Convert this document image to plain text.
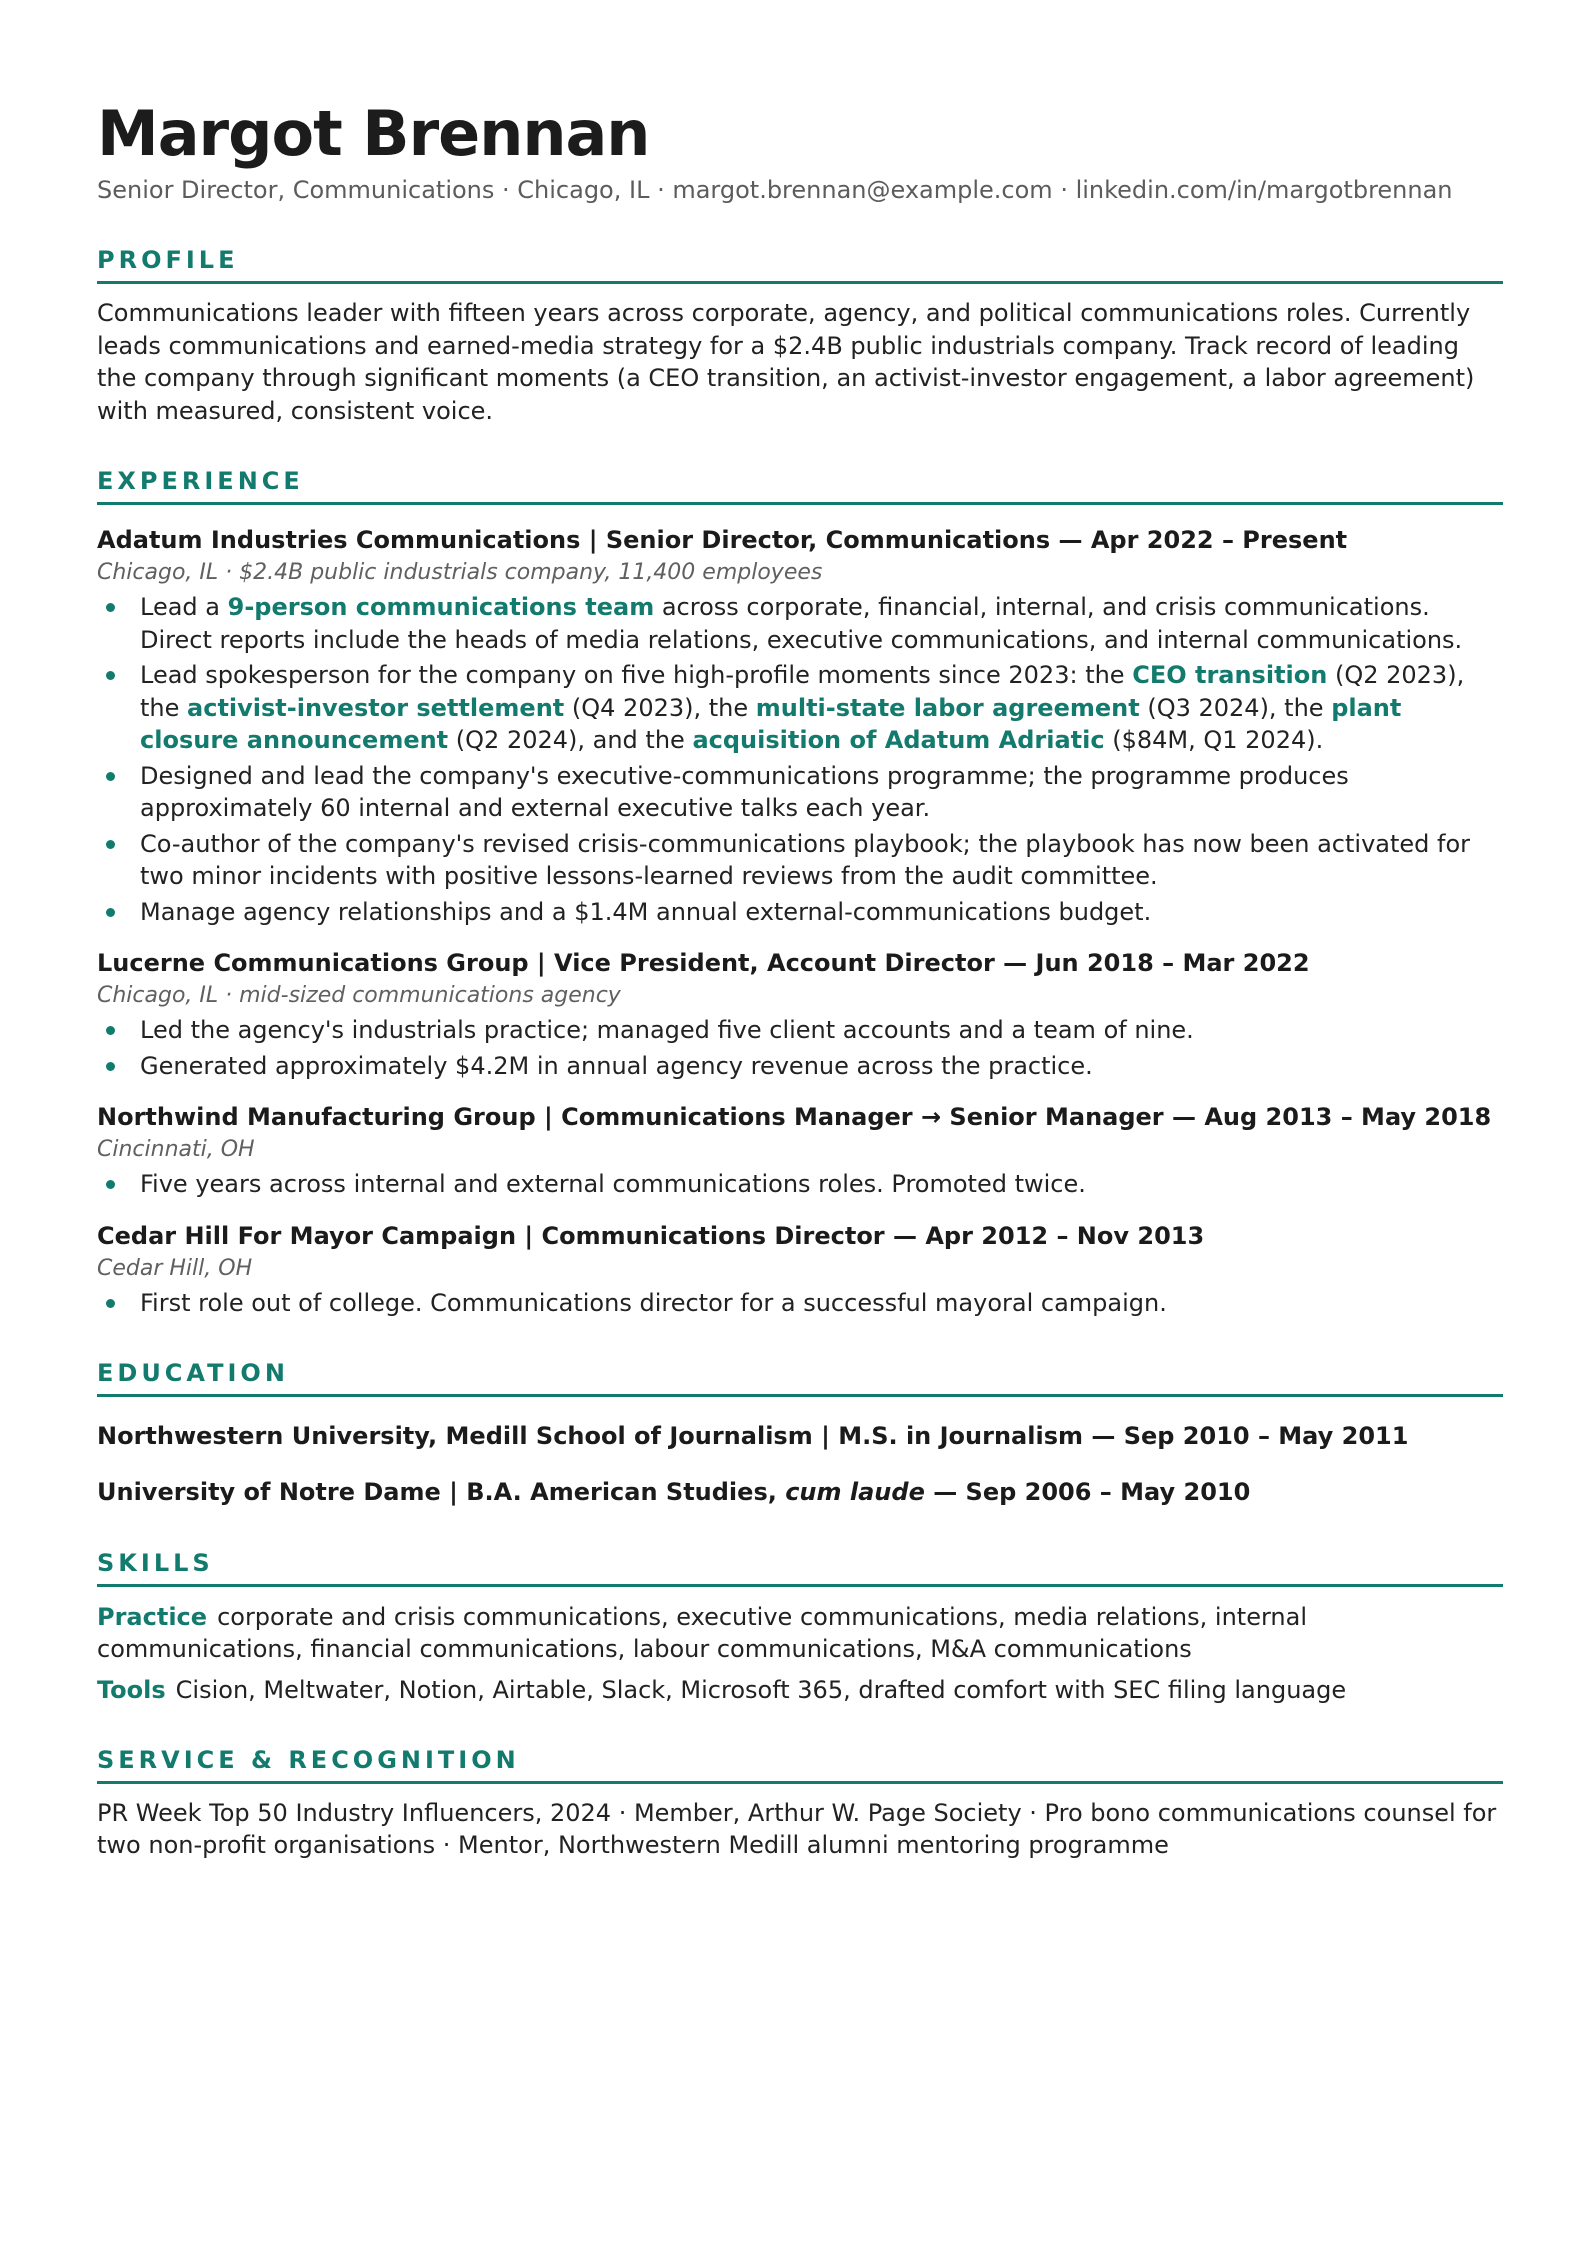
Margot Brennan
Senior Director, Communications · Chicago, IL · margot.brennan@example.com · linkedin.com/in/margotbrennan
PROFILE
Communications leader with fifteen years across corporate, agency, and political communications roles. Currently leads communications and earned-media strategy for a $2.4B public industrials company. Track record of leading the company through significant moments (a CEO transition, an activist-investor engagement, a labor agreement) with measured, consistent voice.
EXPERIENCE
Adatum Industries Communications | Senior Director, Communications — Apr 2022 – Present
Chicago, IL · $2.4B public industrials company, 11,400 employees
Lead a 9-person communications team across corporate, financial, internal, and crisis communications. Direct reports include the heads of media relations, executive communications, and internal communications.
Lead spokesperson for the company on five high-profile moments since 2023: the CEO transition (Q2 2023), the activist-investor settlement (Q4 2023), the multi-state labor agreement (Q3 2024), the plant closure announcement (Q2 2024), and the acquisition of Adatum Adriatic ($84M, Q1 2024).
Designed and lead the company's executive-communications programme; the programme produces approximately 60 internal and external executive talks each year.
Co-author of the company's revised crisis-communications playbook; the playbook has now been activated for two minor incidents with positive lessons-learned reviews from the audit committee.
Manage agency relationships and a $1.4M annual external-communications budget.
Lucerne Communications Group | Vice President, Account Director — Jun 2018 – Mar 2022
Chicago, IL · mid-sized communications agency
Led the agency's industrials practice; managed five client accounts and a team of nine.
Generated approximately $4.2M in annual agency revenue across the practice.
Northwind Manufacturing Group | Communications Manager → Senior Manager — Aug 2013 – May 2018
Cincinnati, OH
Five years across internal and external communications roles. Promoted twice.
Cedar Hill For Mayor Campaign | Communications Director — Apr 2012 – Nov 2013
Cedar Hill, OH
First role out of college. Communications director for a successful mayoral campaign.
EDUCATION
Northwestern University, Medill School of Journalism | M.S. in Journalism — Sep 2010 – May 2011
University of Notre Dame | B.A. American Studies, cum laude — Sep 2006 – May 2010
SKILLS
Practice corporate and crisis communications, executive communications, media relations, internal communications, financial communications, labour communications, M&A communications
Tools Cision, Meltwater, Notion, Airtable, Slack, Microsoft 365, drafted comfort with SEC filing language
SERVICE & RECOGNITION
PR Week Top 50 Industry Influencers, 2024 · Member, Arthur W. Page Society · Pro bono communications counsel for two non-profit organisations · Mentor, Northwestern Medill alumni mentoring programme
